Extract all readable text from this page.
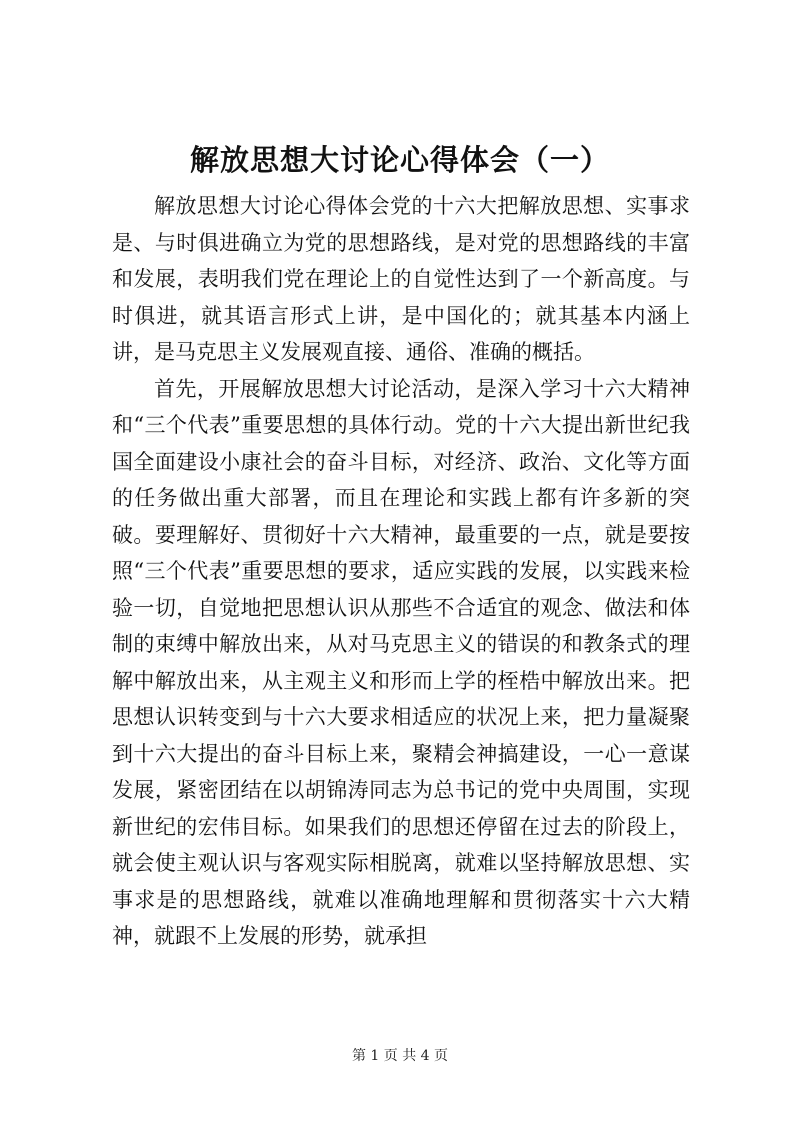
解放思想大讨论心得体会（一）

解放思想大讨论心得体会党的十六大把解放思想、实事求是、与时俱进确立为党的思想路线，是对党的思想路线的丰富和发展，表明我们党在理论上的自觉性达到了一个新高度。与时俱进，就其语言形式上讲，是中国化的；就其基本内涵上讲，是马克思主义发展观直接、通俗、准确的概括。

首先，开展解放思想大讨论活动，是深入学习十六大精神和“三个代表”重要思想的具体行动。党的十六大提出新世纪我国全面建设小康社会的奋斗目标，对经济、政治、文化等方面的任务做出重大部署，而且在理论和实践上都有许多新的突破。要理解好、贯彻好十六大精神，最重要的一点，就是要按照“三个代表”重要思想的要求，适应实践的发展，以实践来检验一切，自觉地把思想认识从那些不合适宜的观念、做法和体制的束缚中解放出来，从对马克思主义的错误的和教条式的理解中解放出来，从主观主义和形而上学的桎梏中解放出来。把思想认识转变到与十六大要求相适应的状况上来，把力量凝聚到十六大提出的奋斗目标上来，聚精会神搞建设，一心一意谋发展，紧密团结在以胡锦涛同志为总书记的党中央周围，实现新世纪的宏伟目标。如果我们的思想还停留在过去的阶段上，就会使主观认识与客观实际相脱离，就难以坚持解放思想、实事求是的思想路线，就难以准确地理解和贯彻落实十六大精神，就跟不上发展的形势，就承担

第 1 页 共 4 页
